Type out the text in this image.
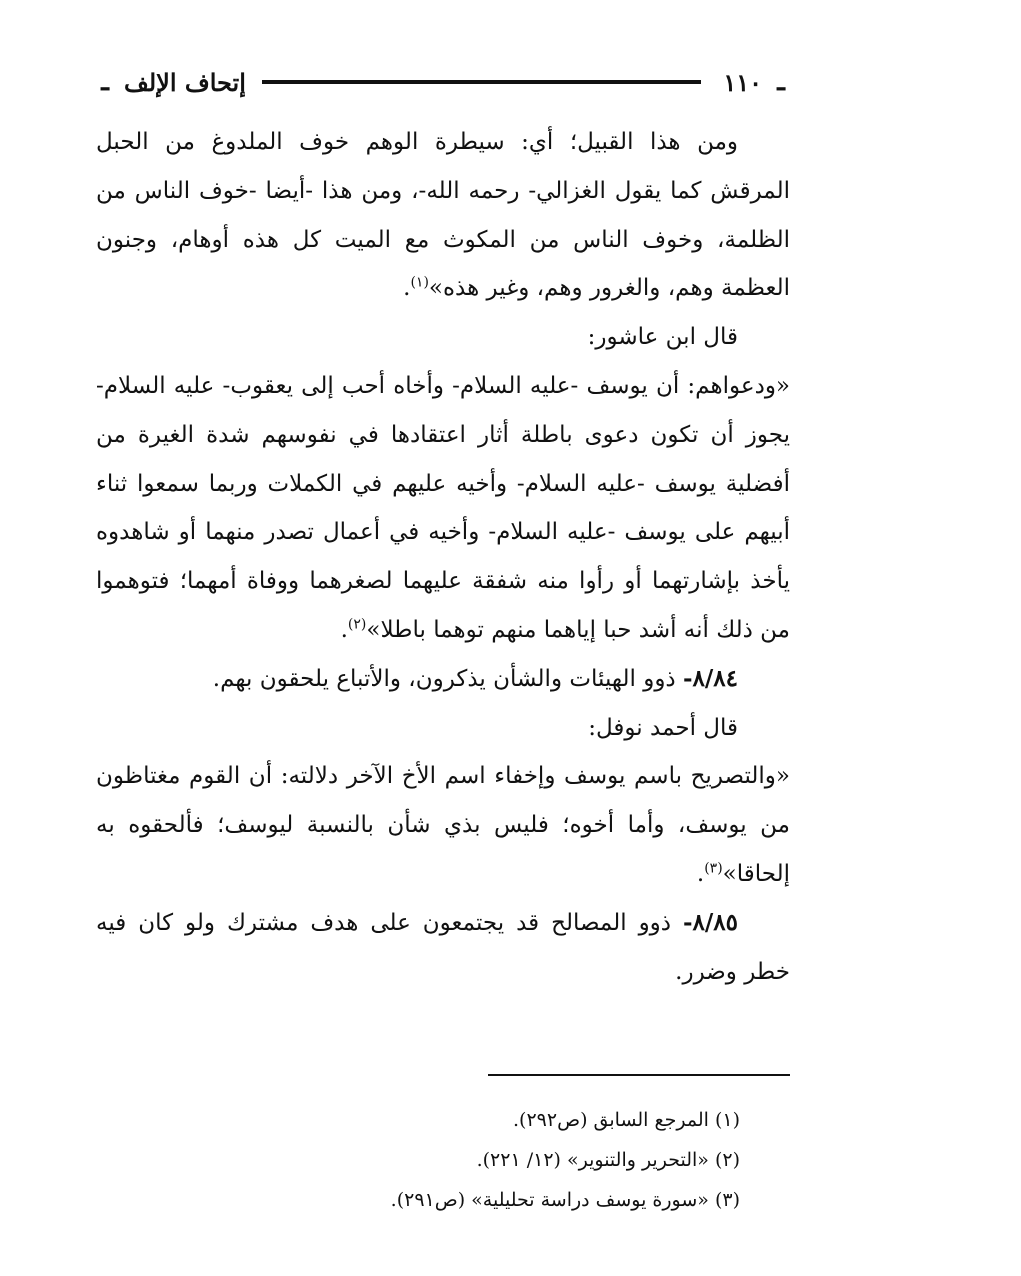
ـ
١١٠
إتحاف الإلف
ـ

ومن هذا القبيل؛ أي: سيطرة الوهم خوف الملدوغ من الحبل المرقش كما يقول الغزالي- رحمه الله-، ومن هذا -أيضا -خوف الناس من الظلمة، وخوف الناس من المكوث مع الميت كل هذه أوهام، وجنون العظمة وهم، والغرور وهم، وغير هذه»$^{(١)}$.

قال ابن عاشور:

«ودعواهم: أن يوسف -عليه السلام- وأخاه أحب إلى يعقوب- عليه السلام- يجوز أن تكون دعوى باطلة أثار اعتقادها في نفوسهم شدة الغيرة من أفضلية يوسف -عليه السلام- وأخيه عليهم في الكملات وربما سمعوا ثناء أبيهم على يوسف -عليه السلام- وأخيه في أعمال تصدر منهما أو شاهدوه يأخذ بإشارتهما أو رأوا منه شفقة عليهما لصغرهما ووفاة أمهما؛ فتوهموا من ذلك أنه أشد حبا إياهما منهم توهما باطلا»$^{(٢)}$.

٨/٨٤- ذوو الهيئات والشأن يذكرون، والأتباع يلحقون بهم.

قال أحمد نوفل:

«والتصريح باسم يوسف وإخفاء اسم الأخ الآخر دلالته: أن القوم مغتاظون من يوسف، وأما أخوه؛ فليس بذي شأن بالنسبة ليوسف؛ فألحقوه به إلحاقا»$^{(٣)}$.

٨/٨٥- ذوو المصالح قد يجتمعون على هدف مشترك ولو كان فيه خطر وضرر.

(١) المرجع السابق (ص٢٩٢).

(٢) «التحرير والتنوير» (١٢/ ٢٢١).

(٣) «سورة يوسف دراسة تحليلية» (ص٢٩١).
